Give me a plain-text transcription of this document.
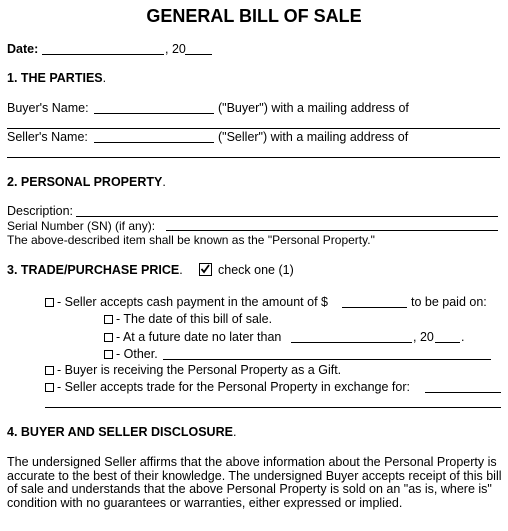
GENERAL BILL OF SALE
Date:	, 20
1. THE PARTIES.
Buyer's Name:	("Buyer") with a mailing address of
Seller's Name:	("Seller") with a mailing address of
2. PERSONAL PROPERTY.
Description:
Serial Number (SN) (if any):
The above-described item shall be known as the "Personal Property."
3. TRADE/PURCHASE PRICE.	check one (1)
- Seller accepts cash payment in the amount of $	to be paid on:
- The date of this bill of sale.
- At a future date no later than	, 20 .
- Other.
- Buyer is receiving the Personal Property as a Gift.
- Seller accepts trade for the Personal Property in exchange for:
4. BUYER AND SELLER DISCLOSURE.
The undersigned Seller affirms that the above information about the Personal Property is accurate to the best of their knowledge. The undersigned Buyer accepts receipt of this bill of sale and understands that the above Personal Property is sold on an "as is, where is" condition with no guarantees or warranties, either expressed or implied.
